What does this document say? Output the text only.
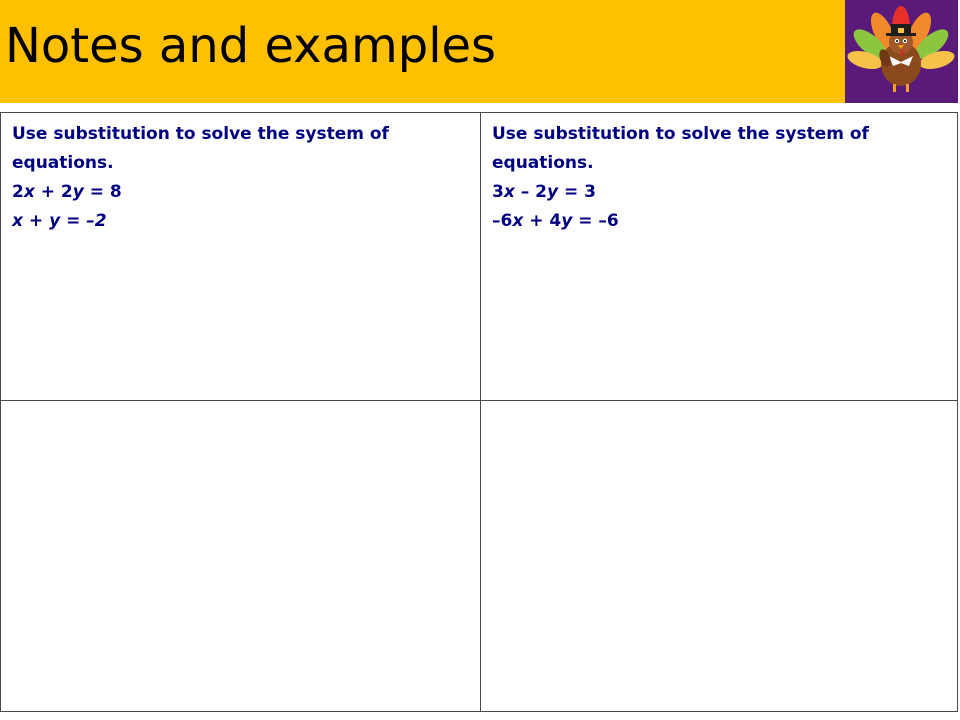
Notes and examples
Use substitution to solve the system of equations.
2x + 2y = 8
x + y = –2
Use substitution to solve the system of equations.
3x – 2y = 3
–6x + 4y = –6
